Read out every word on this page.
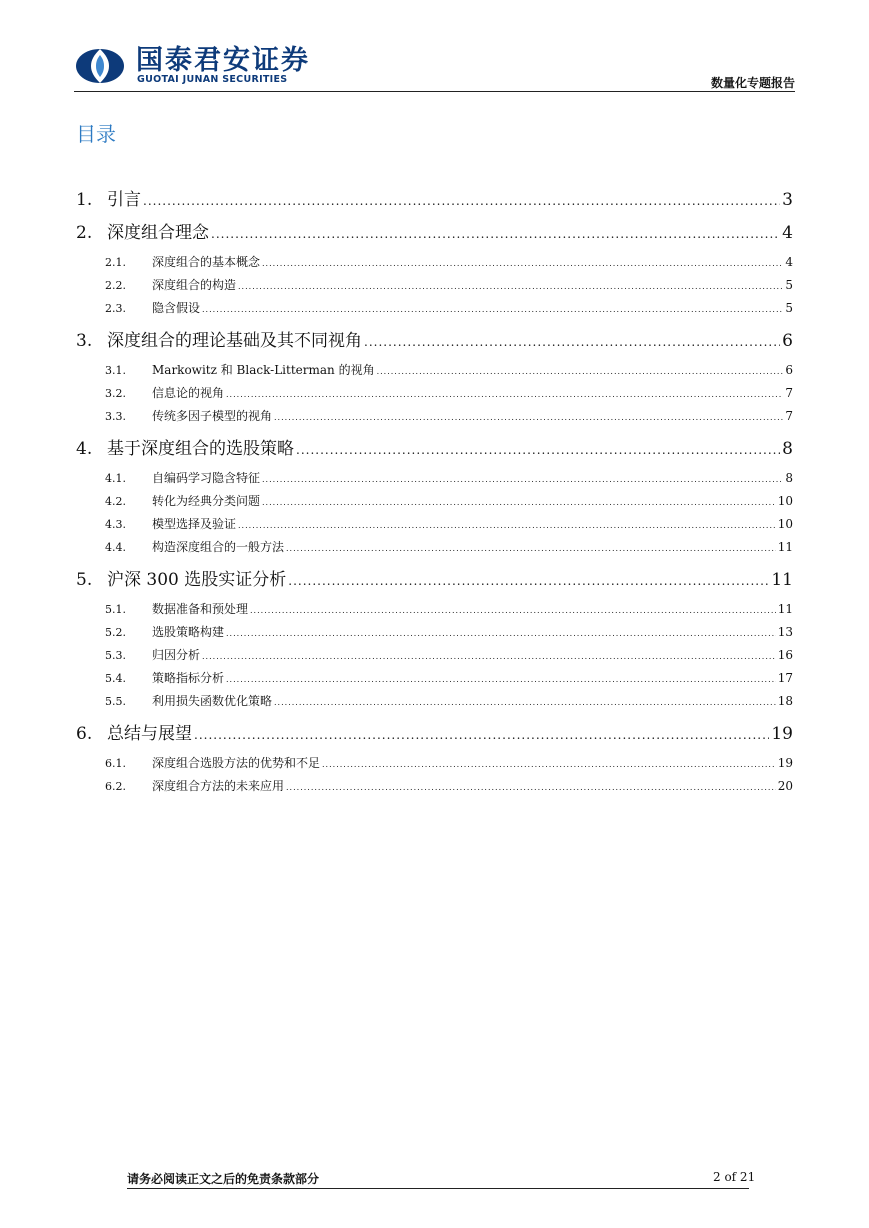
国泰君安证券
GUOTAI JUNAN SECURITIES	数量化专题报告
目录
1. 引言 .....	3
2. 深度组合理念 .....	4
2.1.	深度组合的基本概念 .....	4
2.2.	深度组合的构造 .....	5
2.3.	隐含假设 .....	5
3. 深度组合的理论基础及其不同视角 .....	6
3.1.	Markowitz 和 Black-Litterman 的视角 .....	6
3.2.	信息论的视角 .....	7
3.3.	传统多因子模型的视角 .....	7
4. 基于深度组合的选股策略 .....	8
4.1.	自编码学习隐含特征 .....	8
4.2.	转化为经典分类问题 .....	10
4.3.	模型选择及验证 .....	10
4.4.	构造深度组合的一般方法 .....	11
5. 沪深 300 选股实证分析 .....	11
5.1.	数据准备和预处理 .....	11
5.2.	选股策略构建 .....	13
5.3.	归因分析 .....	16
5.4.	策略指标分析 .....	17
5.5.	利用损失函数优化策略 .....	18
6. 总结与展望 .....	19
6.1.	深度组合选股方法的优势和不足 .....	19
6.2.	深度组合方法的未来应用 .....	20
请务必阅读正文之后的免责条款部分	2 of 21
